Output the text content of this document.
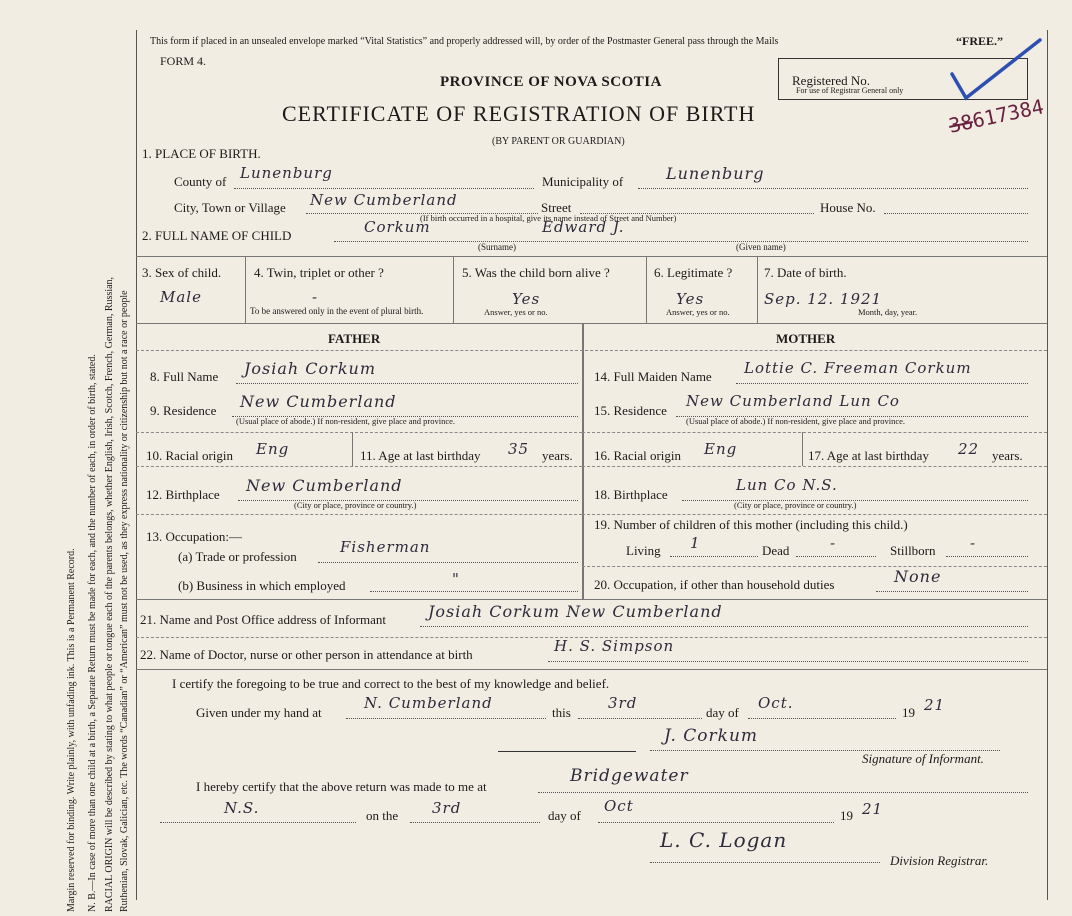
Margin reserved for binding. Write plainly, with unfading ink. This is a Permanent Record. N. B.—In case of more than one child at a birth, a Separate Return must be made for each, and the number of each, in order of birth, stated. RACIAL ORIGIN will be described by stating to what people or tongue each of the parents belongs, whether English, Irish, Scotch, French, German, Russian, Ruthenian, Slovak, Galician, etc. The words “Canadian” or “American” must not be used, as they express nationality or citizenship but not a race or people
This form if placed in an unsealed envelope marked “Vital Statistics” and properly addressed will, by order of the Postmaster General pass through the Mails	“FREE.”
FORM 4.
PROVINCE OF NOVA SCOTIA
CERTIFICATE OF REGISTRATION OF BIRTH
(BY PARENT OR GUARDIAN)
Registered No.
For use of Registrar General only
38617384
1. PLACE OF BIRTH.
County of Lunenburg	Municipality of	Lunenburg
City, Town or Village New Cumberland	Street	House No.
(If birth occurred in a hospital, give its name instead of Street and Number)
2. FULL NAME OF CHILD	Corkum	Edward J.
(Surname)	(Given name)
3. Sex of child.
Male
4. Twin, triplet or other ?
-
To be answered only in the event of plural birth.
5. Was the child born alive ?
Yes
Answer, yes or no.
6. Legitimate ?
Yes
Answer, yes or no.
7. Date of birth.
Sep. 12. 1921
Month, day, year.
FATHER	MOTHER
8. Full Name Josiah Corkum
9. Residence New Cumberland
(Usual place of abode.) If non-resident, give place and province.
10. Racial origin Eng	11. Age at last birthday 35 years.
12. Birthplace New Cumberland
(City or place, province or country.)
13. Occupation:—
(a) Trade or profession
Fisherman
(b) Business in which employed	"
14. Full Maiden Name Lottie C. Freeman Corkum
15. Residence
New Cumberland Lun Co
(Usual place of abode.) If non-resident, give place and province.
16. Racial origin Eng	17. Age at last birthday 22 years.
18. Birthplace
Lun Co N.S.
(City or place, province or country.)
19. Number of children of this mother (including this child.)
Living 1	Dead	-	Stillborn -
20. Occupation, if other than household duties	None
21. Name and Post Office address of Informant	Josiah Corkum New Cumberland
22. Name of Doctor, nurse or other person in attendance at birth	H. S. Simpson
I certify the foregoing to be true and correct to the best of my knowledge and belief.
Given under my hand at
N. Cumberland
this
3rd
day of
Oct.
19 21
J. Corkum
Signature of Informant.
I hereby certify that the above return was made to me at
Bridgewater
N.S.	on the 3rd	day of
Oct
19 21
L. C. Logan
Division Registrar.
